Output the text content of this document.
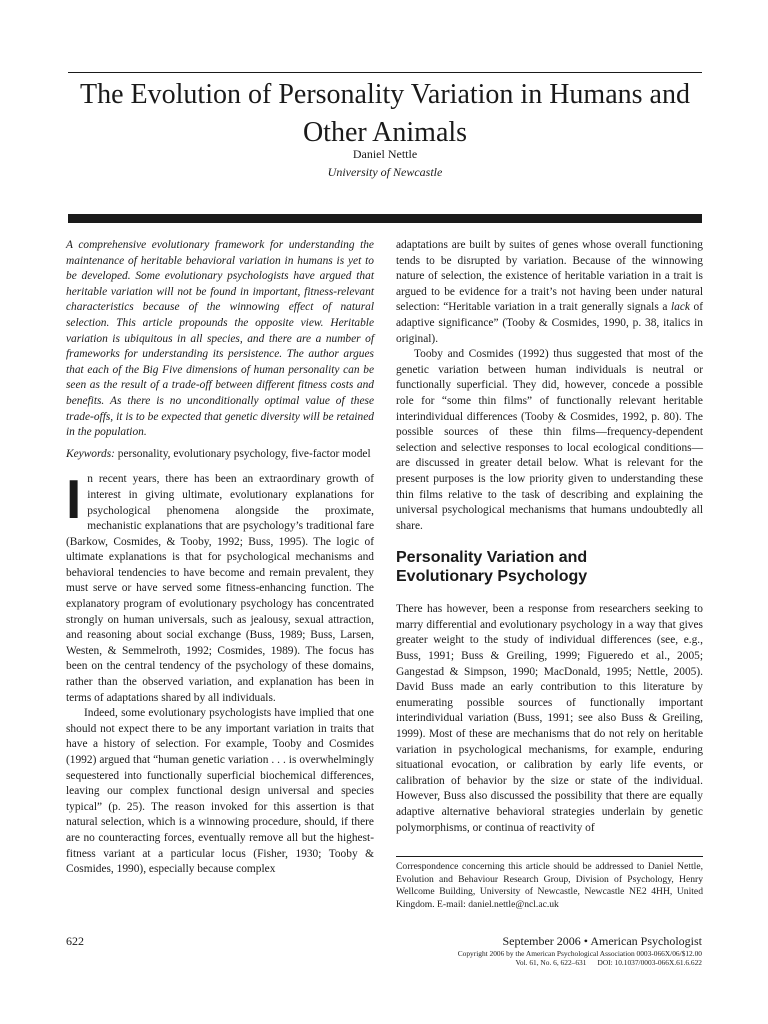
The Evolution of Personality Variation in Humans and Other Animals
Daniel Nettle
University of Newcastle

A comprehensive evolutionary framework for understanding the maintenance of heritable behavioral variation in humans is yet to be developed. Some evolutionary psychologists have argued that heritable variation will not be found in important, fitness-relevant characteristics because of the winnowing effect of natural selection. This article propounds the opposite view. Heritable variation is ubiquitous in all species, and there are a number of frameworks for understanding its persistence. The author argues that each of the Big Five dimensions of human personality can be seen as the result of a trade-off between different fitness costs and benefits. As there is no unconditionally optimal value of these trade-offs, it is to be expected that genetic diversity will be retained in the population.

Keywords: personality, evolutionary psychology, five-factor model

In recent years, there has been an extraordinary growth of interest in giving ultimate, evolutionary explanations for psychological phenomena alongside the proximate, mechanistic explanations that are psychology’s traditional fare (Barkow, Cosmides, & Tooby, 1992; Buss, 1995). The logic of ultimate explanations is that for psychological mechanisms and behavioral tendencies to have become and remain prevalent, they must serve or have served some fitness-enhancing function. The explanatory program of evolutionary psychology has concentrated strongly on human universals, such as jealousy, sexual attraction, and reasoning about social exchange (Buss, 1989; Buss, Larsen, Westen, & Semmelroth, 1992; Cosmides, 1989). The focus has been on the central tendency of the psychology of these domains, rather than the observed variation, and explanation has been in terms of adaptations shared by all individuals.

Indeed, some evolutionary psychologists have implied that one should not expect there to be any important variation in traits that have a history of selection. For example, Tooby and Cosmides (1992) argued that “human genetic variation . . . is overwhelmingly sequestered into functionally superficial biochemical differences, leaving our complex functional design universal and species typical” (p. 25). The reason invoked for this assertion is that natural selection, which is a winnowing procedure, should, if there are no counteracting forces, eventually remove all but the highest-fitness variant at a particular locus (Fisher, 1930; Tooby & Cosmides, 1990), especially because complex

adaptations are built by suites of genes whose overall functioning tends to be disrupted by variation. Because of the winnowing nature of selection, the existence of heritable variation in a trait is argued to be evidence for a trait’s not having been under natural selection: “Heritable variation in a trait generally signals a lack of adaptive significance” (Tooby & Cosmides, 1990, p. 38, italics in original).

Tooby and Cosmides (1992) thus suggested that most of the genetic variation between human individuals is neutral or functionally superficial. They did, however, concede a possible role for “some thin films” of functionally relevant heritable interindividual differences (Tooby & Cosmides, 1992, p. 80). The possible sources of these thin films—frequency-dependent selection and selective responses to local ecological conditions—are discussed in greater detail below. What is relevant for the present purposes is the low priority given to understanding these thin films relative to the task of describing and explaining the universal psychological mechanisms that humans undoubtedly all share.

Personality Variation and
Evolutionary Psychology

There has however, been a response from researchers seeking to marry differential and evolutionary psychology in a way that gives greater weight to the study of individual differences (see, e.g., Buss, 1991; Buss & Greiling, 1999; Figueredo et al., 2005; Gangestad & Simpson, 1990; MacDonald, 1995; Nettle, 2005). David Buss made an early contribution to this literature by enumerating possible sources of functionally important interindividual variation (Buss, 1991; see also Buss & Greiling, 1999). Most of these are mechanisms that do not rely on heritable variation in psychological mechanisms, for example, enduring situational evocation, or calibration by early life events, or calibration of behavior by the size or state of the individual. However, Buss also discussed the possibility that there are equally adaptive alternative behavioral strategies underlain by genetic polymorphisms, or continua of reactivity of

Correspondence concerning this article should be addressed to Daniel Nettle, Evolution and Behaviour Research Group, Division of Psychology, Henry Wellcome Building, University of Newcastle, Newcastle NE2 4HH, United Kingdom. E-mail: daniel.nettle@ncl.ac.uk
622	September 2006 • American Psychologist
Copyright 2006 by the American Psychological Association 0003-066X/06/$12.00
Vol. 61, No. 6, 622–631      DOI: 10.1037/0003-066X.61.6.622
